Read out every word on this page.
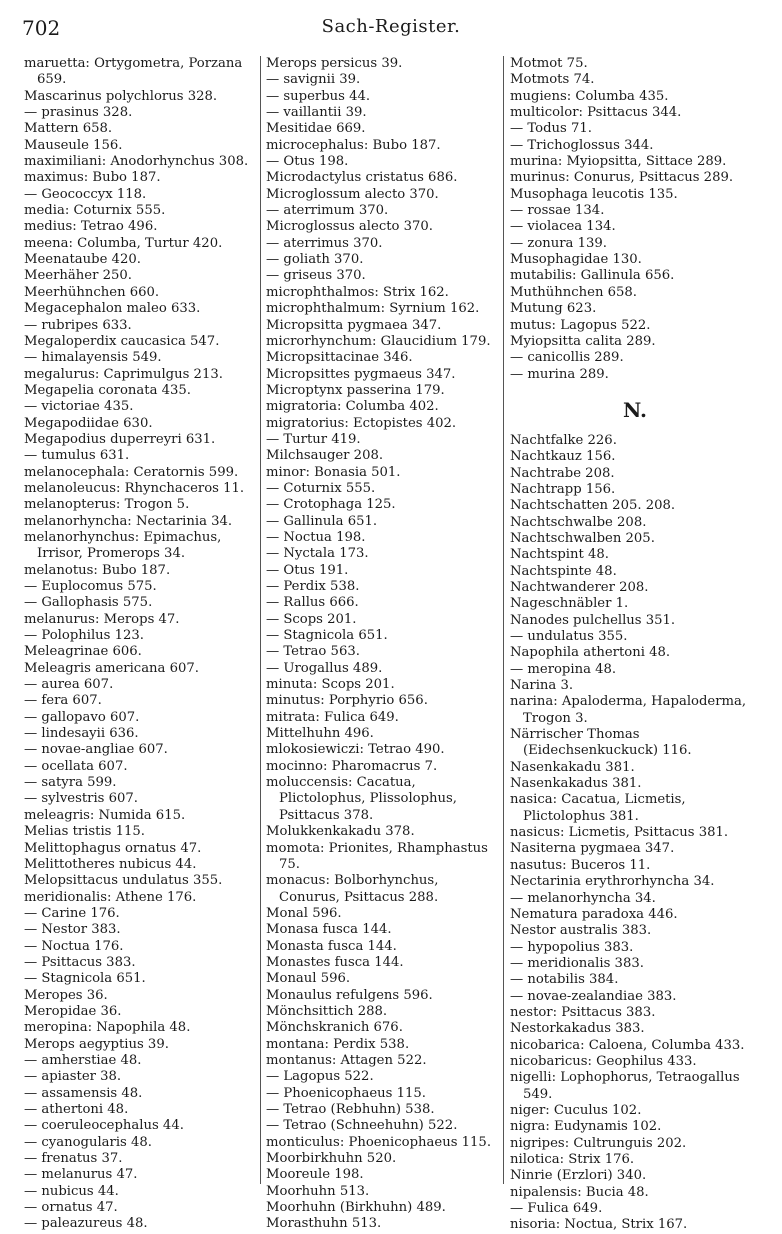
702	Sach-Register.
maruetta: Ortygometra, Porzana 659.
Mascarinus polychlorus 328.
— prasinus 328.
Mattern 658.
Mauseule 156.
maximiliani: Anodorhynchus 308.
maximus: Bubo 187.
— Geococcyx 118.
media: Coturnix 555.
medius: Tetrao 496.
meena: Columba, Turtur 420.
Meenataube 420.
Meerhäher 250.
Meerhühnchen 660.
Megacephalon maleo 633.
— rubripes 633.
Megaloperdix caucasica 547.
— himalayensis 549.
megalurus: Caprimulgus 213.
Megapelia coronata 435.
— victoriae 435.
Megapodiidae 630.
Megapodius duperreyri 631.
— tumulus 631.
melanocephala: Ceratornis 599.
melanoleucus: Rhynchaceros 11.
melanopterus: Trogon 5.
melanorhyncha: Nectarinia 34.
melanorhynchus: Epimachus, Irrisor, Promerops 34.
melanotus: Bubo 187.
— Euplocomus 575.
— Gallophasis 575.
melanurus: Merops 47.
— Polophilus 123.
Meleagrinae 606.
Meleagris americana 607.
— aurea 607.
— fera 607.
— gallopavo 607.
— lindesayii 636.
— novae-angliae 607.
— ocellata 607.
— satyra 599.
— sylvestris 607.
meleagris: Numida 615.
Melias tristis 115.
Melittophagus ornatus 47.
Melittotheres nubicus 44.
Melopsittacus undulatus 355.
meridionalis: Athene 176.
— Carine 176.
— Nestor 383.
— Noctua 176.
— Psittacus 383.
— Stagnicola 651.
Meropes 36.
Meropidae 36.
meropina: Napophila 48.
Merops aegyptius 39.
— amherstiae 48.
— apiaster 38.
— assamensis 48.
— athertoni 48.
— coeruleocephalus 44.
— cyanogularis 48.
— frenatus 37.
— melanurus 47.
— nubicus 44.
— ornatus 47.
— paleazureus 48.
Merops persicus 39.
— savignii 39.
— superbus 44.
— vaillantii 39.
Mesitidae 669.
microcephalus: Bubo 187.
— Otus 198.
Microdactylus cristatus 686.
Microglossum alecto 370.
— aterrimum 370.
Microglossus alecto 370.
— aterrimus 370.
— goliath 370.
— griseus 370.
microphthalmos: Strix 162.
microphthalmum: Syrnium 162.
Micropsitta pygmaea 347.
microrhynchum: Glaucidium 179.
Micropsittacinae 346.
Micropsittes pygmaeus 347.
Microptynx passerina 179.
migratoria: Columba 402.
migratorius: Ectopistes 402.
— Turtur 419.
Milchsauger 208.
minor: Bonasia 501.
— Coturnix 555.
— Crotophaga 125.
— Gallinula 651.
— Noctua 198.
— Nyctala 173.
— Otus 191.
— Perdix 538.
— Rallus 666.
— Scops 201.
— Stagnicola 651.
— Tetrao 563.
— Urogallus 489.
minuta: Scops 201.
minutus: Porphyrio 656.
mitrata: Fulica 649.
Mittelhuhn 496.
mlokosiewiczi: Tetrao 490.
mocinno: Pharomacrus 7.
moluccensis: Cacatua, Plictolophus, Plissolophus, Psittacus 378.
Molukkenkakadu 378.
momota: Prionites, Rhamphastus 75.
monacus: Bolborhynchus, Conurus, Psittacus 288.
Monal 596.
Monasa fusca 144.
Monasta fusca 144.
Monastes fusca 144.
Monaul 596.
Monaulus refulgens 596.
Mönchsittich 288.
Mönchskranich 676.
montana: Perdix 538.
montanus: Attagen 522.
— Lagopus 522.
— Phoenicophaeus 115.
— Tetrao (Rebhuhn) 538.
— Tetrao (Schneehuhn) 522.
monticulus: Phoenicophaeus 115.
Moorbirkhuhn 520.
Mooreule 198.
Moorhuhn 513.
Moorhuhn (Birkhuhn) 489.
Morasthuhn 513.
Motmot 75.
Motmots 74.
mugiens: Columba 435.
multicolor: Psittacus 344.
— Todus 71.
— Trichoglossus 344.
murina: Myiopsitta, Sittace 289.
murinus: Conurus, Psittacus 289.
Musophaga leucotis 135.
— rossae 134.
— violacea 134.
— zonura 139.
Musophagidae 130.
mutabilis: Gallinula 656.
Muthühnchen 658.
Mutung 623.
mutus: Lagopus 522.
Myiopsitta calita 289.
— canicollis 289.
— murina 289.
N.
Nachtfalke 226.
Nachtkauz 156.
Nachtrabe 208.
Nachtrapp 156.
Nachtschatten 205. 208.
Nachtschwalbe 208.
Nachtschwalben 205.
Nachtspint 48.
Nachtspinte 48.
Nachtwanderer 208.
Nageschnäbler 1.
Nanodes pulchellus 351.
— undulatus 355.
Napophila athertoni 48.
— meropina 48.
Narina 3.
narina: Apaloderma, Hapaloderma, Trogon 3.
Närrischer Thomas (Eidechsenkuckuck) 116.
Nasenkakadu 381.
Nasenkakadus 381.
nasica: Cacatua, Licmetis, Plictolophus 381.
nasicus: Licmetis, Psittacus 381.
Nasiterna pygmaea 347.
nasutus: Buceros 11.
Nectarinia erythrorhyncha 34.
— melanorhyncha 34.
Nematura paradoxa 446.
Nestor australis 383.
— hypopolius 383.
— meridionalis 383.
— notabilis 384.
— novae-zealandiae 383.
nestor: Psittacus 383.
Nestorkakadus 383.
nicobarica: Caloena, Columba 433.
nicobaricus: Geophilus 433.
nigelli: Lophophorus, Tetraogallus 549.
niger: Cuculus 102.
nigra: Eudynamis 102.
nigripes: Cultrunguis 202.
nilotica: Strix 176.
Ninrie (Erzlori) 340.
nipalensis: Bucia 48.
— Fulica 649.
nisoria: Noctua, Strix 167.
